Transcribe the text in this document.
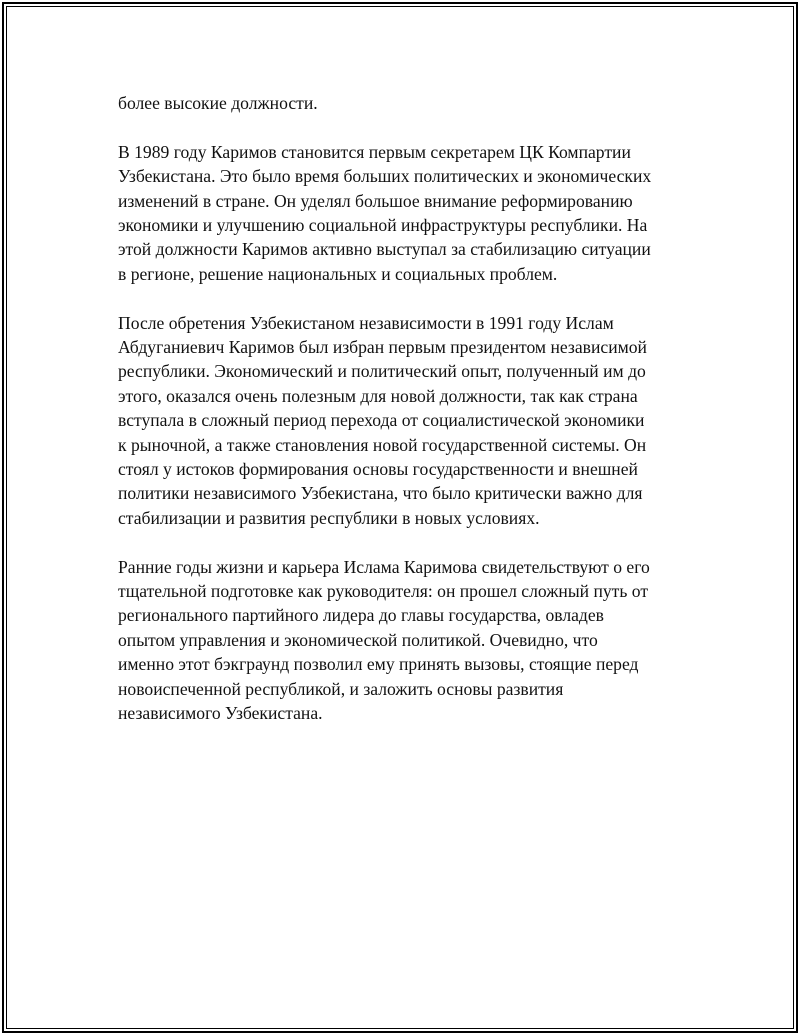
более высокие должности.

В 1989 году Каримов становится первым секретарем ЦК Компартии
Узбекистана. Это было время больших политических и экономических
изменений в стране. Он уделял большое внимание реформированию
экономики и улучшению социальной инфраструктуры республики. На
этой должности Каримов активно выступал за стабилизацию ситуации
в регионе, решение национальных и социальных проблем.

После обретения Узбекистаном независимости в 1991 году Ислам
Абдуганиевич Каримов был избран первым президентом независимой
республики. Экономический и политический опыт, полученный им до
этого, оказался очень полезным для новой должности, так как страна
вступала в сложный период перехода от социалистической экономики
к рыночной, а также становления новой государственной системы. Он
стоял у истоков формирования основы государственности и внешней
политики независимого Узбекистана, что было критически важно для
стабилизации и развития республики в новых условиях.

Ранние годы жизни и карьера Ислама Каримова свидетельствуют о его
тщательной подготовке как руководителя: он прошел сложный путь от
регионального партийного лидера до главы государства, овладев
опытом управления и экономической политикой. Очевидно, что
именно этот бэкграунд позволил ему принять вызовы, стоящие перед
новоиспеченной республикой, и заложить основы развития
независимого Узбекистана.
